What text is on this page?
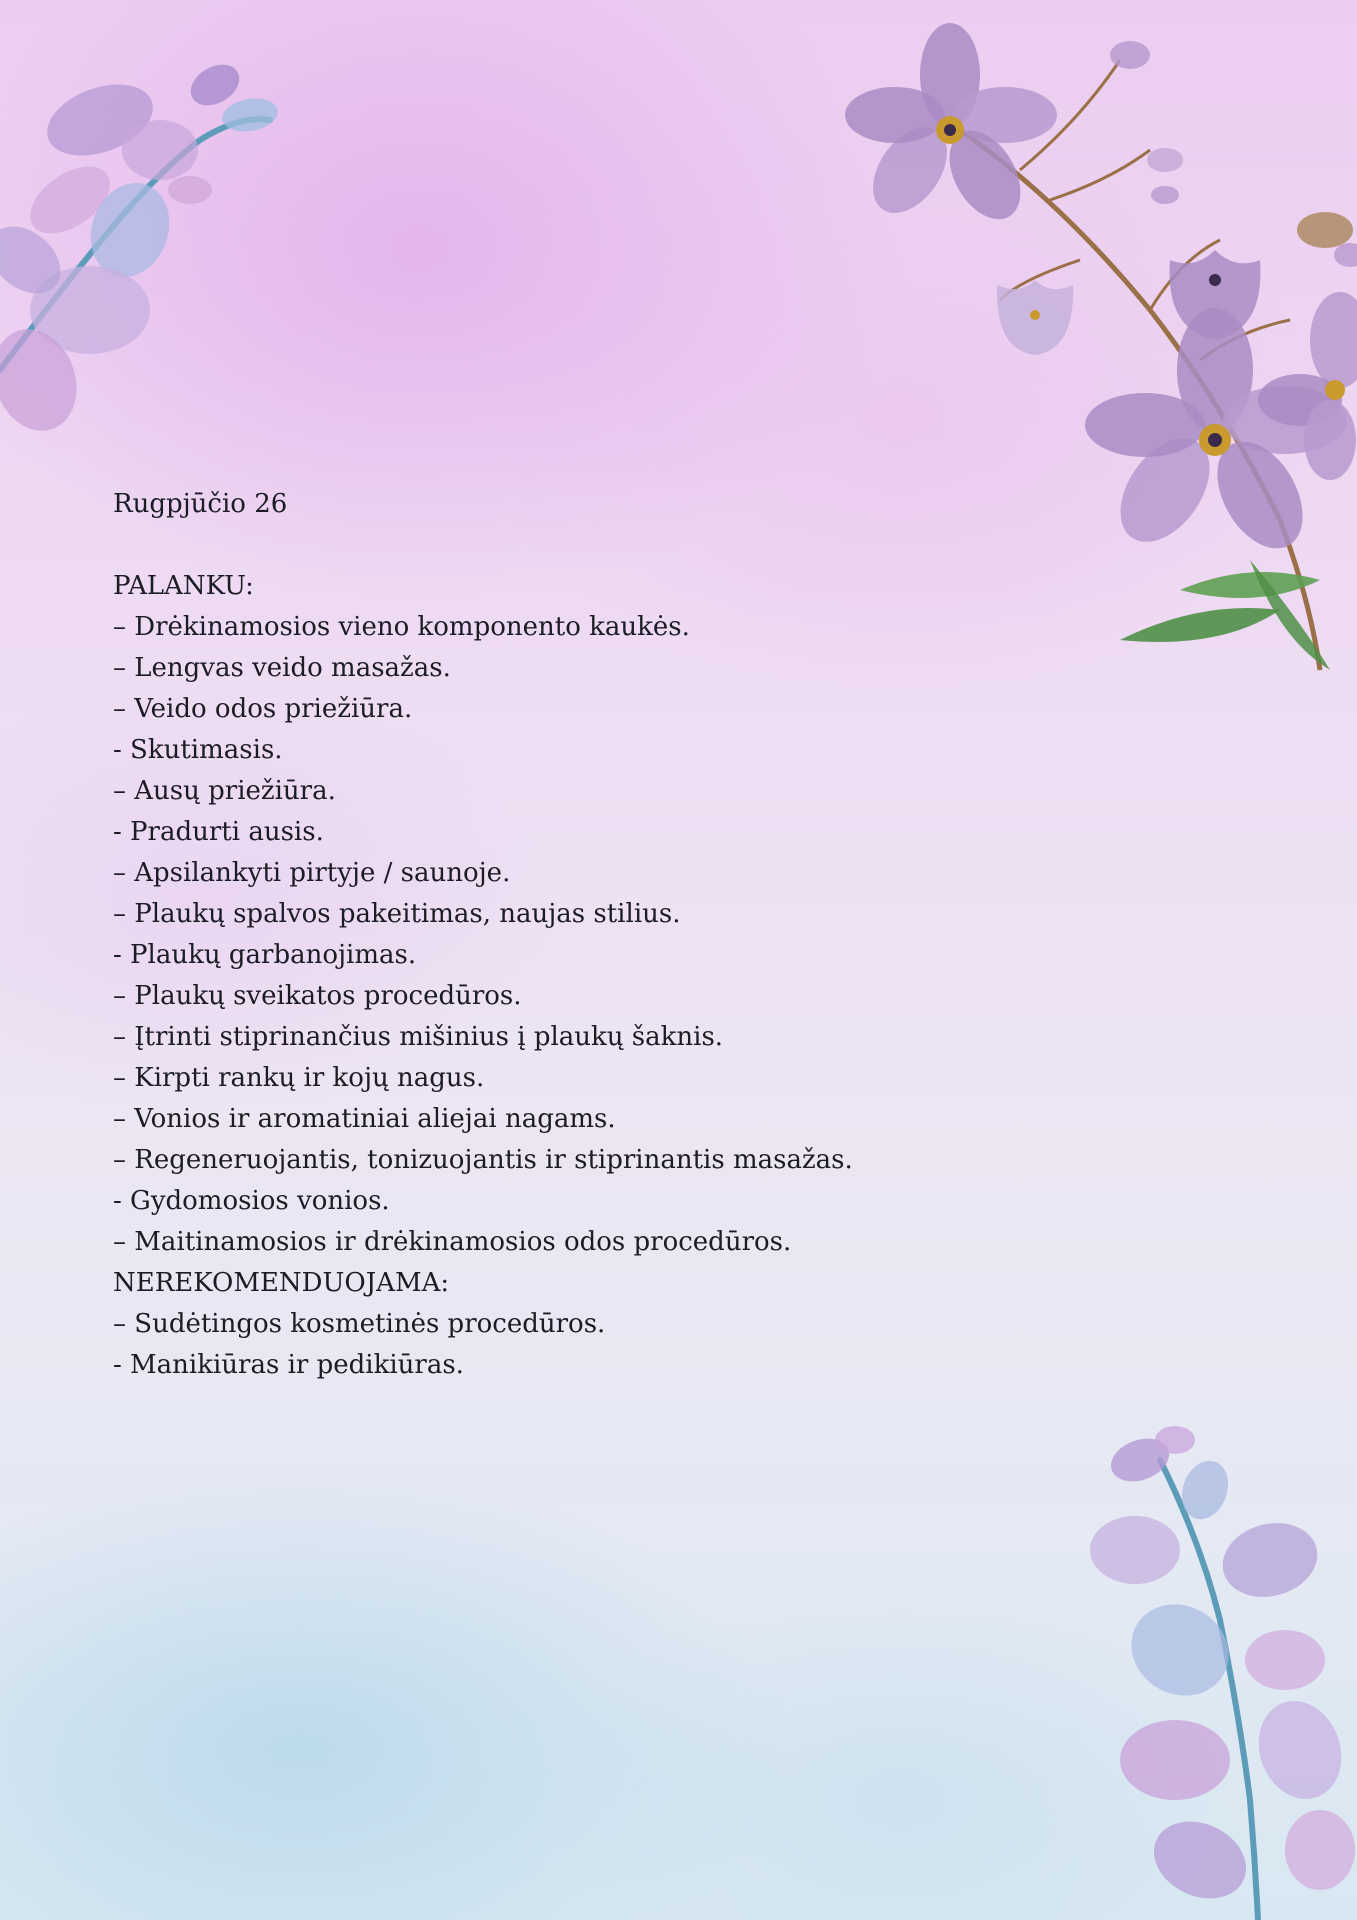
Rugpjūčio 26
PALANKU:
– Drėkinamosios vieno komponento kaukės.
– Lengvas veido masažas.
– Veido odos priežiūra.
- Skutimasis.
– Ausų priežiūra.
- Pradurti ausis.
– Apsilankyti pirtyje / saunoje.
– Plaukų spalvos pakeitimas, naujas stilius.
- Plaukų garbanojimas.
– Plaukų sveikatos procedūros.
– Įtrinti stiprinančius mišinius į plaukų šaknis.
– Kirpti rankų ir kojų nagus.
– Vonios ir aromatiniai aliejai nagams.
– Regeneruojantis, tonizuojantis ir stiprinantis masažas.
- Gydomosios vonios.
– Maitinamosios ir drėkinamosios odos procedūros.
NEREKOMENDUOJAMA:
– Sudėtingos kosmetinės procedūros.
- Manikiūras ir pedikiūras.
